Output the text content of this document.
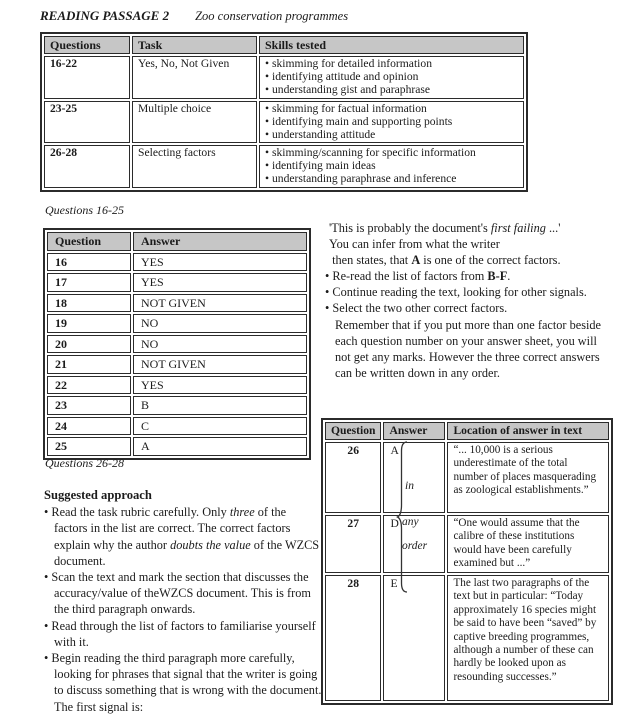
READING PASSAGE 2 Zoo conservation programmes
Questions	Task	Skills tested
16-22	Yes, No, Not Given	• skimming for detailed information
• identifying attitude and opinion
• understanding gist and paraphrase

23-25	Multiple choice	• skimming for factual information
• identifying main and supporting points
• understanding attitude

26-28	Selecting factors	• skimming/scanning for specific information
• identifying main ideas
• understanding paraphrase and inference
Questions 16-25
Question	Answer
16	YES
17	YES
18	NOT GIVEN
19	NO
20	NO
21	NOT GIVEN
22	YES
23	B
24	C
25	A
'This is probably the document's first failing ...'
You can infer from what the writer
then states, that A is one of the correct factors.
• Re-read the list of factors from B-F.
• Continue reading the text, looking for other signals.
• Select the two other correct factors.
Remember that if you put more than one factor beside each question number on your answer sheet, you will not get any marks. However the three correct answers can be written down in any order.
Question	Answer	Location of answer in text
26	A	“... 10,000 is a serious underestimate of the total number of places masquerading as zoological establishments.”
27	D	“One would assume that the calibre of these institutions would have been carefully examined but ...”
28	E	The last two paragraphs of the text but in particular: “Today approximately 16 species might be said to have been “saved” by captive breeding programmes, although a number of these can hardly be looked upon as resounding successes.”
in
any
order
Questions 26-28
Suggested approach
• Read the task rubric carefully. Only three of the factors in the list are correct. The correct factors explain why the author doubts the value of the WZCS document.
• Scan the text and mark the section that discusses the accuracy/value of theWZCS document. This is from the third paragraph onwards.
• Read through the list of factors to familiarise yourself with it.
• Begin reading the third paragraph more carefully, looking for phrases that signal that the writer is going to discuss something that is wrong with the document. The first signal is:
